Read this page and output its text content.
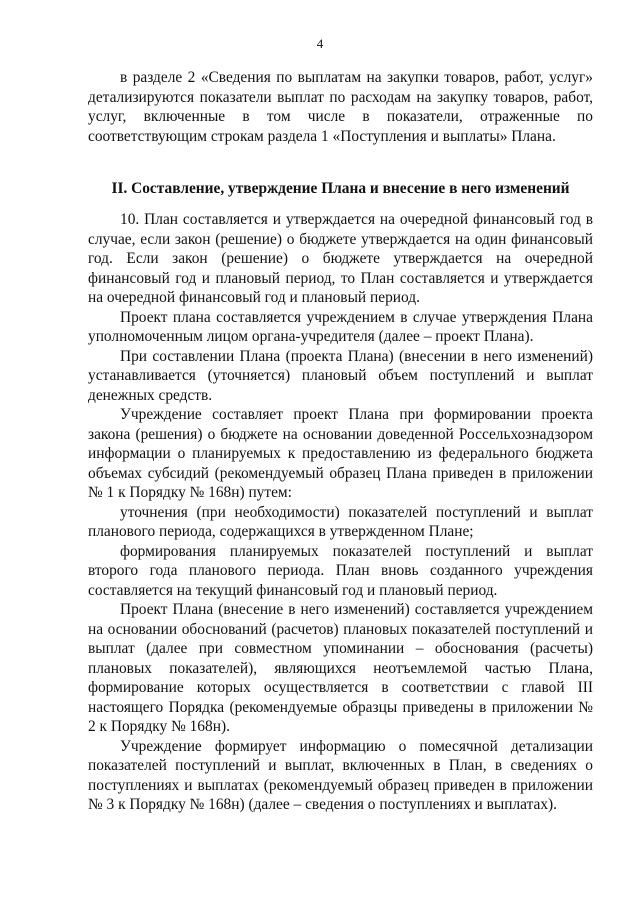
4

в разделе 2 «Сведения по выплатам на закупки товаров, работ, услуг» детализируются показатели выплат по расходам на закупку товаров, работ, услуг, включенные в том числе в показатели, отраженные по соответствующим строкам раздела 1 «Поступления и выплаты» Плана.

II. Составление, утверждение Плана и внесение в него изменений

10. План составляется и утверждается на очередной финансовый год в случае, если закон (решение) о бюджете утверждается на один финансовый год. Если закон (решение) о бюджете утверждается на очередной финансовый год и плановый период, то План составляется и утверждается на очередной финансовый год и плановый период.

Проект плана составляется учреждением в случае утверждения Плана уполномоченным лицом органа-учредителя (далее – проект Плана).

При составлении Плана (проекта Плана) (внесении в него изменений) устанавливается (уточняется) плановый объем поступлений и выплат денежных средств.

Учреждение составляет проект Плана при формировании проекта закона (решения) о бюджете на основании доведенной Россельхознадзором информации о планируемых к предоставлению из федерального бюджета объемах субсидий (рекомендуемый образец Плана приведен в приложении № 1 к Порядку № 168н) путем:

уточнения (при необходимости) показателей поступлений и выплат планового периода, содержащихся в утвержденном Плане;

формирования планируемых показателей поступлений и выплат второго года планового периода. План вновь созданного учреждения составляется на текущий финансовый год и плановый период.

Проект Плана (внесение в него изменений) составляется учреждением на основании обоснований (расчетов) плановых показателей поступлений и выплат (далее при совместном упоминании – обоснования (расчеты) плановых показателей), являющихся неотъемлемой частью Плана, формирование которых осуществляется в соответствии с главой III настоящего Порядка (рекомендуемые образцы приведены в приложении № 2 к Порядку № 168н).

Учреждение формирует информацию о помесячной детализации показателей поступлений и выплат, включенных в План, в сведениях о поступлениях и выплатах (рекомендуемый образец приведен в приложении № 3 к Порядку № 168н) (далее – сведения о поступлениях и выплатах).
